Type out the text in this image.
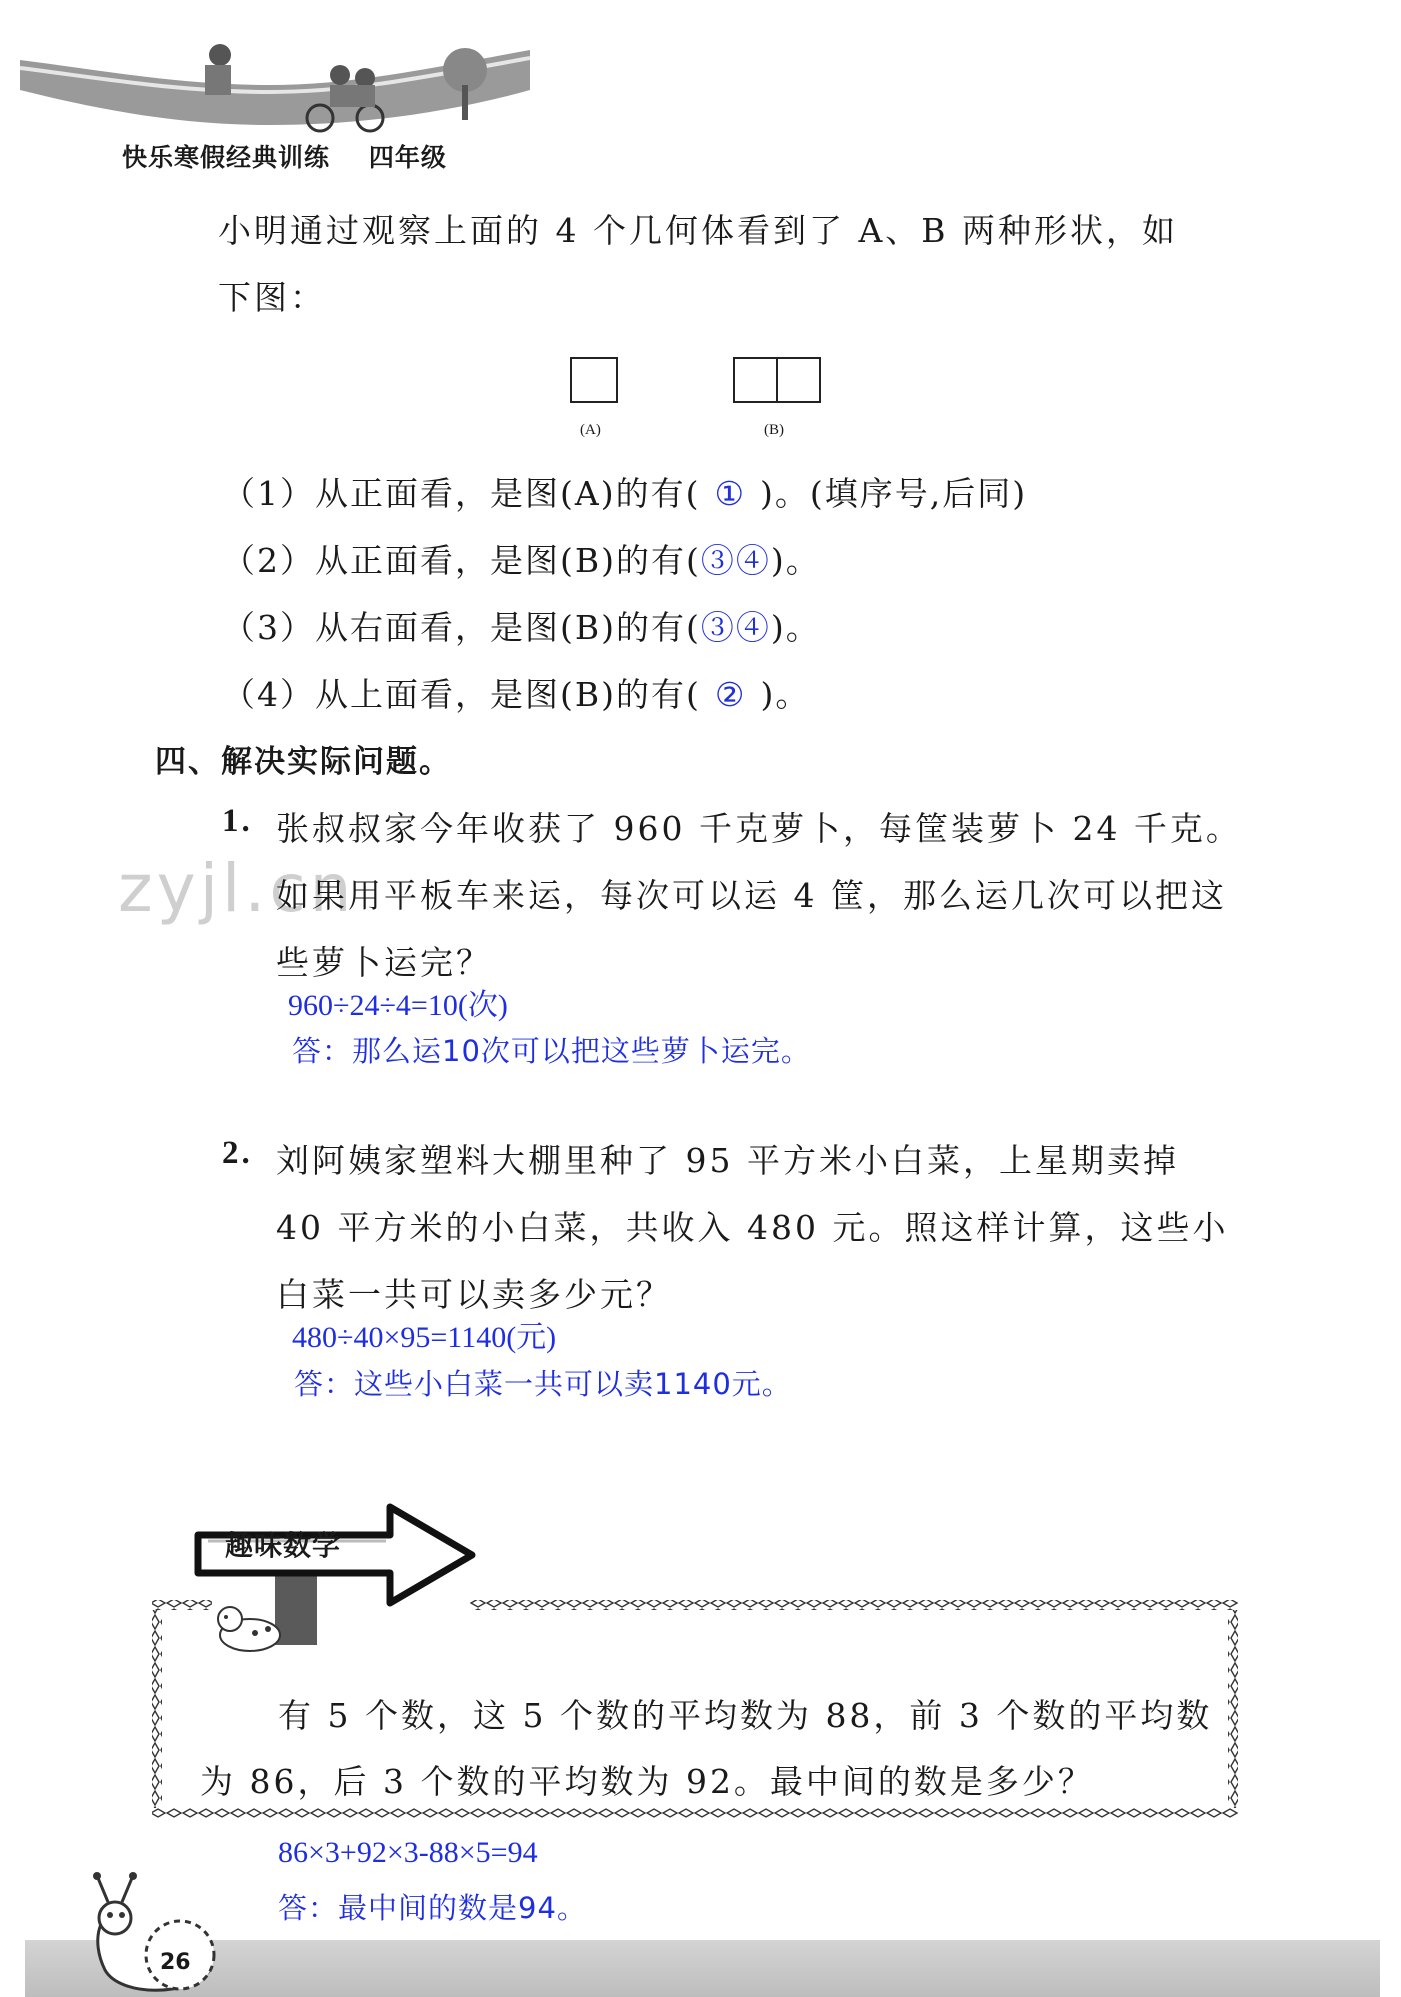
快乐寒假经典训练    四年级
小明通过观察上面的 4 个几何体看到了 A、B 两种形状，如
下图：
(A)	(B)
（1）从正面看，是图(A)的有( ① )。(填序号,后同)
（2）从正面看，是图(B)的有(③④)。
（3）从右面看，是图(B)的有(③④)。
（4）从上面看，是图(B)的有( ② )。
四、解决实际问题。
zyjl.cn
1. 张叔叔家今年收获了 960 千克萝卜，每筐装萝卜 24 千克。
如果用平板车来运，每次可以运 4 筐，那么运几次可以把这
些萝卜运完？
960÷24÷4=10(次)
答：那么运10次可以把这些萝卜运完。
2. 刘阿姨家塑料大棚里种了 95 平方米小白菜，上星期卖掉
40 平方米的小白菜，共收入 480 元。照这样计算，这些小
白菜一共可以卖多少元？
480÷40×95=1140(元)
答：这些小白菜一共可以卖1140元。
趣味数学
有 5 个数，这 5 个数的平均数为 88，前 3 个数的平均数
为 86，后 3 个数的平均数为 92。最中间的数是多少？
86×3+92×3-88×5=94
答：最中间的数是94。
26
